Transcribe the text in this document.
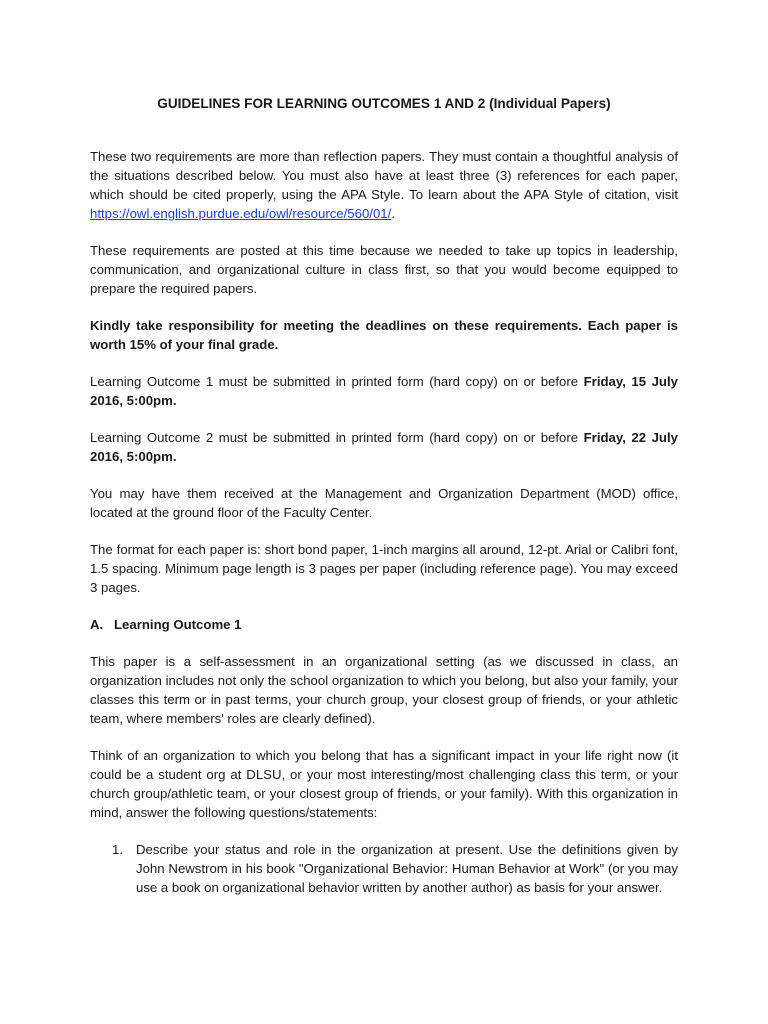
GUIDELINES FOR LEARNING OUTCOMES 1 AND 2 (Individual Papers)

These two requirements are more than reflection papers. They must contain a thoughtful analysis of the situations described below. You must also have at least three (3) references for each paper, which should be cited properly, using the APA Style. To learn about the APA Style of citation, visit https://owl.english.purdue.edu/owl/resource/560/01/.

These requirements are posted at this time because we needed to take up topics in leadership, communication, and organizational culture in class first, so that you would become equipped to prepare the required papers.

Kindly take responsibility for meeting the deadlines on these requirements. Each paper is worth 15% of your final grade.

Learning Outcome 1 must be submitted in printed form (hard copy) on or before Friday, 15 July 2016, 5:00pm.

Learning Outcome 2 must be submitted in printed form (hard copy) on or before Friday, 22 July 2016, 5:00pm.

You may have them received at the Management and Organization Department (MOD) office, located at the ground floor of the Faculty Center.

The format for each paper is: short bond paper, 1-inch margins all around, 12-pt. Arial or Calibri font, 1.5 spacing. Minimum page length is 3 pages per paper (including reference page). You may exceed 3 pages.

A. Learning Outcome 1

This paper is a self-assessment in an organizational setting (as we discussed in class, an organization includes not only the school organization to which you belong, but also your family, your classes this term or in past terms, your church group, your closest group of friends, or your athletic team, where members' roles are clearly defined).

Think of an organization to which you belong that has a significant impact in your life right now (it could be a student org at DLSU, or your most interesting/most challenging class this term, or your church group/athletic team, or your closest group of friends, or your family). With this organization in mind, answer the following questions/statements:

1. Describe your status and role in the organization at present. Use the definitions given by John Newstrom in his book "Organizational Behavior: Human Behavior at Work" (or you may use a book on organizational behavior written by another author) as basis for your answer.
